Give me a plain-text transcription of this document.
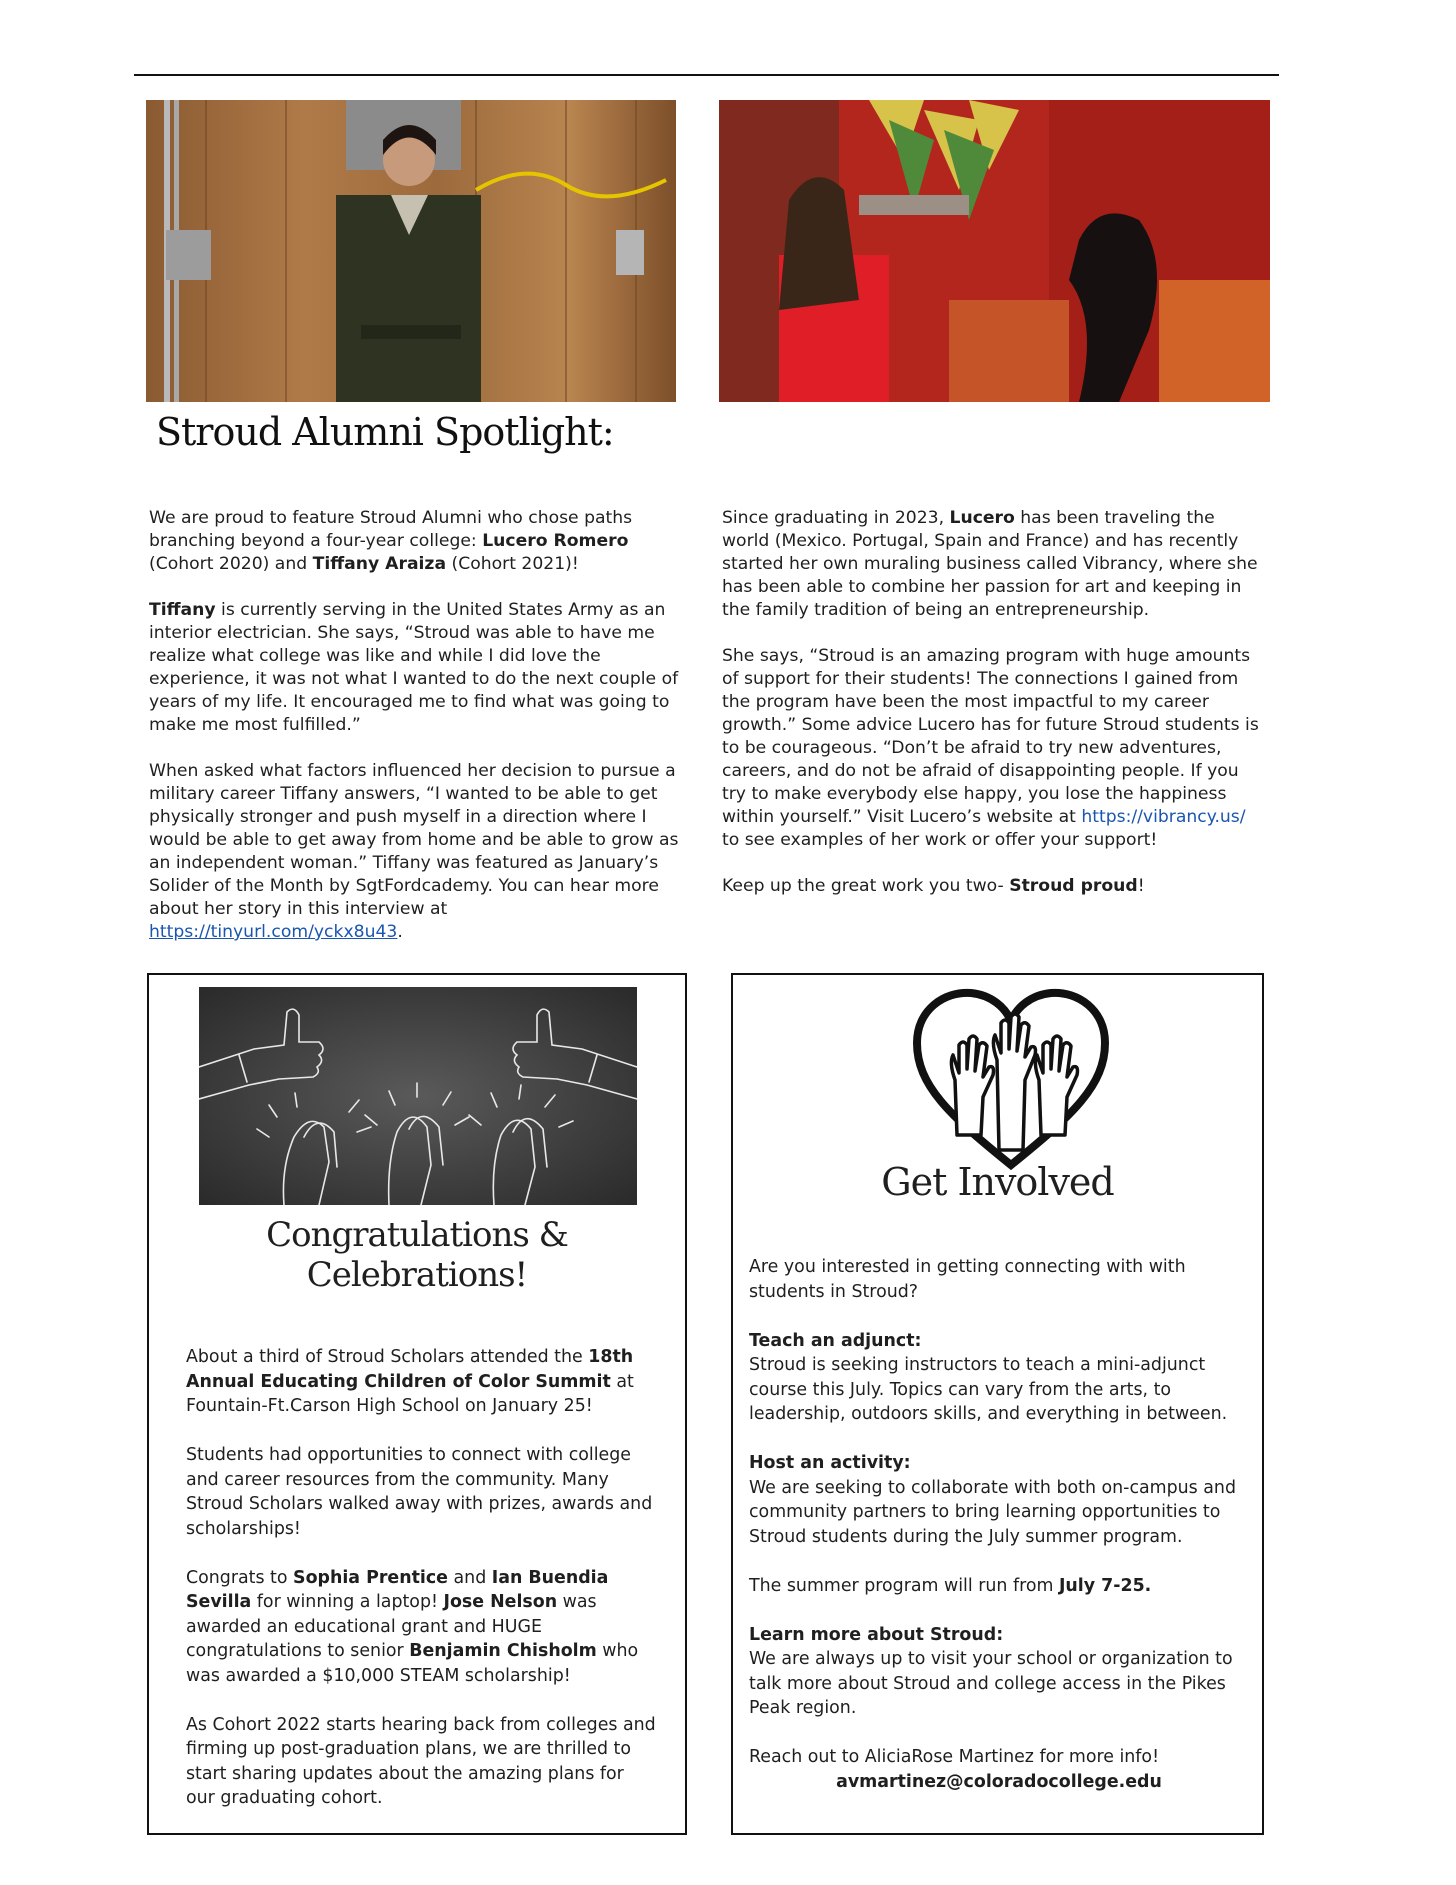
Stroud Alumni Spotlight:

We are proud to feature Stroud Alumni who chose paths branching beyond a four-year college: Lucero Romero (Cohort 2020) and Tiffany Araiza (Cohort 2021)!

Tiffany is currently serving in the United States Army as an interior electrician. She says, “Stroud was able to have me realize what college was like and while I did love the experience, it was not what I wanted to do the next couple of years of my life. It encouraged me to find what was going to make me most fulfilled.”

When asked what factors influenced her decision to pursue a military career Tiffany answers, “I wanted to be able to get physically stronger and push myself in a direction where I would be able to get away from home and be able to grow as an independent woman.” Tiffany was featured as January’s Solider of the Month by SgtFordcademy. You can hear more about her story in this interview at https://tinyurl.com/yckx8u43.

Since graduating in 2023, Lucero has been traveling the world (Mexico. Portugal, Spain and France) and has recently started her own muraling business called Vibrancy, where she has been able to combine her passion for art and keeping in the family tradition of being an entrepreneurship.

She says, “Stroud is an amazing program with huge amounts of support for their students! The connections I gained from the program have been the most impactful to my career growth.” Some advice Lucero has for future Stroud students is to be courageous. “Don’t be afraid to try new adventures, careers, and do not be afraid of disappointing people. If you try to make everybody else happy, you lose the happiness within yourself.” Visit Lucero’s website at https://vibrancy.us/ to see examples of her work or offer your support!

Keep up the great work you two- Stroud proud!

Congratulations &
Celebrations!

About a third of Stroud Scholars attended the 18th Annual Educating Children of Color Summit at Fountain-Ft.Carson High School on January 25!

Students had opportunities to connect with college and career resources from the community. Many Stroud Scholars walked away with prizes, awards and scholarships!

Congrats to Sophia Prentice and Ian Buendia Sevilla for winning a laptop! Jose Nelson was awarded an educational grant and HUGE congratulations to senior Benjamin Chisholm who was awarded a $10,000 STEAM scholarship!

As Cohort 2022 starts hearing back from colleges and firming up post-graduation plans, we are thrilled to start sharing updates about the amazing plans for our graduating cohort.

Get Involved

Are you interested in getting connecting with with students in Stroud?

Teach an adjunct:
Stroud is seeking instructors to teach a mini-adjunct course this July. Topics can vary from the arts, to leadership, outdoors skills, and everything in between.

Host an activity:
We are seeking to collaborate with both on-campus and community partners to bring learning opportunities to Stroud students during the July summer program.

The summer program will run from July 7-25.

Learn more about Stroud:
We are always up to visit your school or organization to talk more about Stroud and college access in the Pikes Peak region.

Reach out to AliciaRose Martinez for more info!

avmartinez@coloradocollege.edu
